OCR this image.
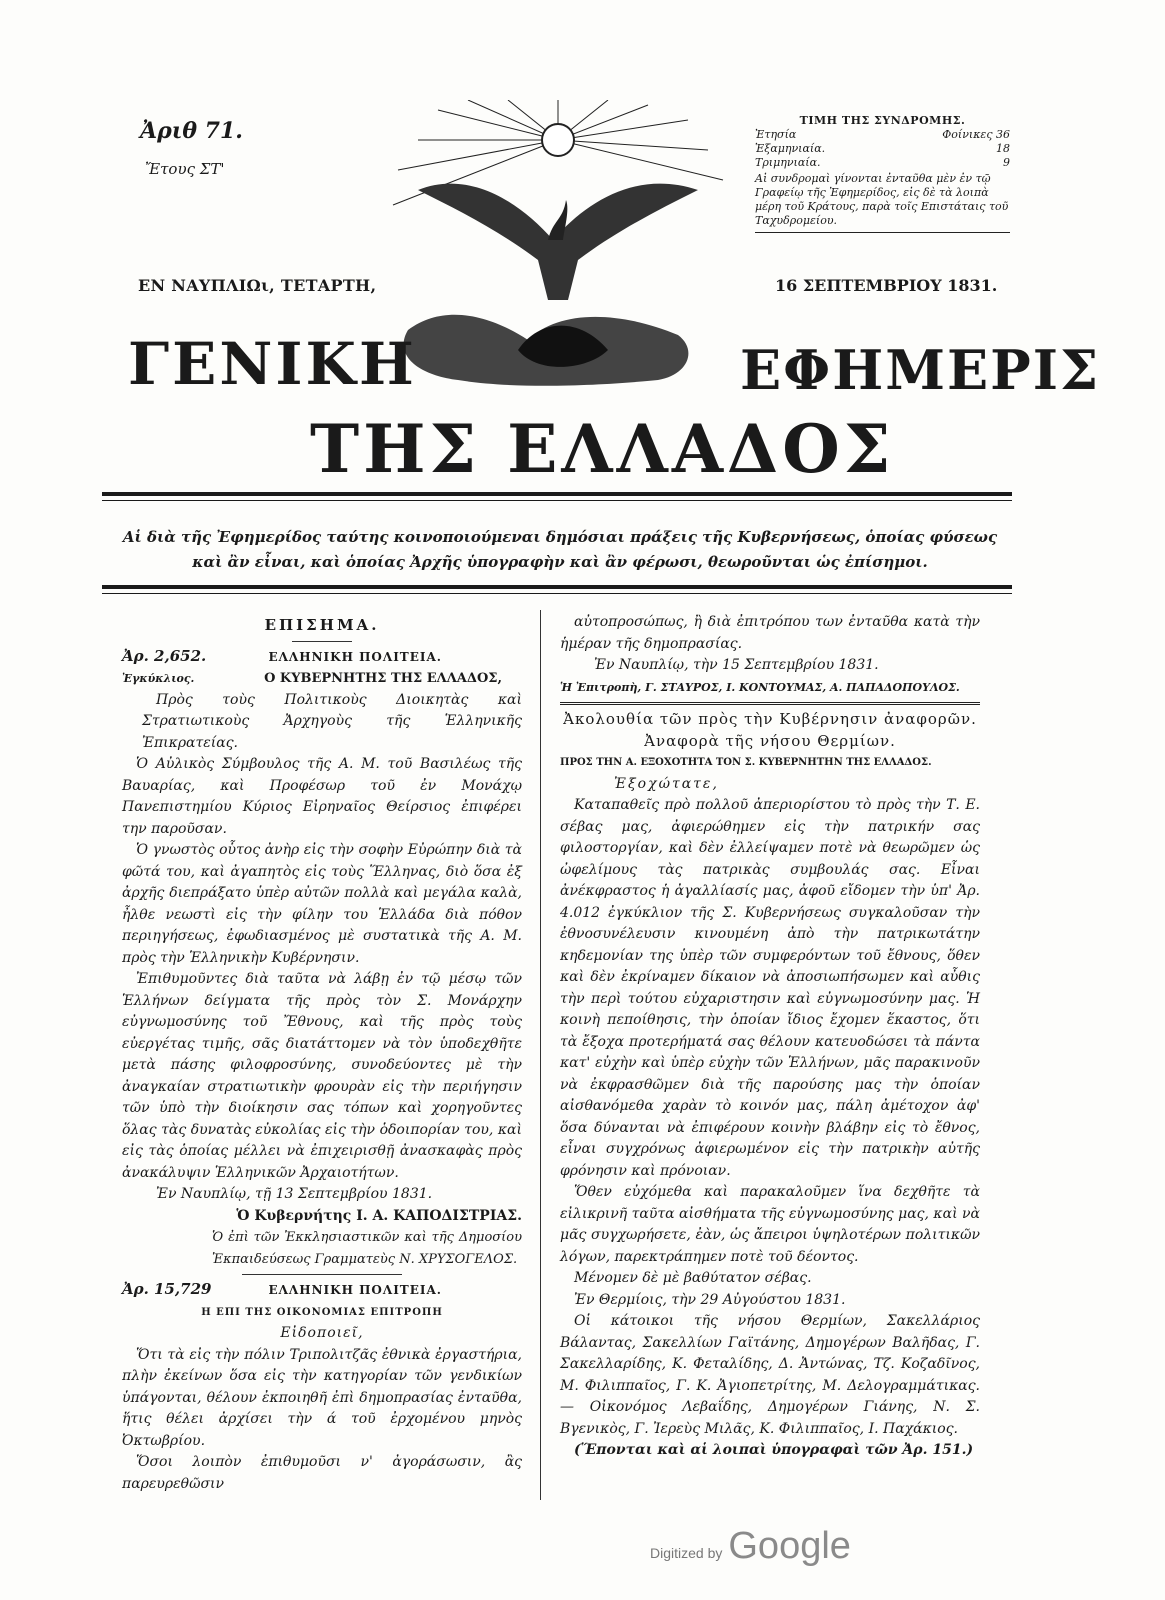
Ἀριθ 71.
Ἔτους ΣΤ'
ΤΙΜΗ ΤΗΣ ΣΥΝΔΡΟΜΗΣ.
Ἐτησία	Φοίνικες 36
Ἑξαμηνιαία.	18
Τριμηνιαία.	9
Αἱ συνδρομαὶ γίνονται ἐνταῦθα μὲν ἐν τῷ Γραφείῳ τῆς Ἐφημερίδος, εἰς δὲ τὰ λοιπὰ μέρη τοῦ Κράτους, παρὰ τοῖς Επιστάταις τοῦ Ταχυδρομείου.
ΕΝ ΝΑΥΠΛΙΩι, ΤΕΤΑΡΤΗ,	16 ΣΕΠΤΕΜΒΡΙΟΥ 1831.
ΓΕΝΙΚΗ	ΕΦΗΜΕΡΙΣ
ΤΗΣ ΕΛΛΑΔΟΣ
Αἱ διὰ τῆς Ἐφημερίδος ταύτης κοινοποιούμεναι δημόσιαι πράξεις τῆς Κυβερνήσεως, ὁποίας φύσεως καὶ ἂν εἶναι, καὶ ὁποίας Ἀρχῆς ὑπογραφὴν καὶ ἂν φέρωσι, θεωροῦνται ὡς ἐπίσημοι.
ΕΠΙΣΗΜΑ.
Ἀρ. 2,652.	ΕΛΛΗΝΙΚΗ ΠΟΛΙΤΕΙΑ.
Ἐγκύκλιος.	Ο ΚΥΒΕΡΝΗΤΗΣ ΤΗΣ ΕΛΛΑΔΟΣ,

Πρὸς τοὺς Πολιτικοὺς Διοικητὰς καὶ Στρατιωτικοὺς Ἀρχηγοὺς τῆς Ἑλληνικῆς Ἐπικρατείας.

Ὁ Αὐλικὸς Σύμβουλος τῆς Α. Μ. τοῦ Βασιλέως τῆς Βαυαρίας, καὶ Προφέσωρ τοῦ ἐν Μονάχῳ Πανεπιστημίου Κύριος Εἰρηναῖος Θείρσιος ἐπιφέρει την παροῦσαν.

Ὁ γνωστὸς οὗτος ἀνὴρ εἰς τὴν σοφὴν Εὐρώπην διὰ τὰ φῶτά του, καὶ ἀγαπητὸς εἰς τοὺς Ἕλληνας, διὸ ὅσα ἐξ ἀρχῆς διεπράξατο ὑπὲρ αὐτῶν πολλὰ καὶ μεγάλα καλὰ, ἦλθε νεωστὶ εἰς τὴν φίλην του Ἑλλάδα διὰ πόθον περιηγήσεως, ἐφωδιασμένος μὲ συστατικὰ τῆς Α. Μ. πρὸς τὴν Ἑλληνικὴν Κυβέρνησιν.

Ἐπιθυμοῦντες διὰ ταῦτα νὰ λάβῃ ἐν τῷ μέσῳ τῶν Ἑλλήνων δείγματα τῆς πρὸς τὸν Σ. Μονάρχην εὐγνωμοσύνης τοῦ Ἔθνους, καὶ τῆς πρὸς τοὺς εὐεργέτας τιμῆς, σᾶς διατάττομεν νὰ τὸν ὑποδεχθῆτε μετὰ πάσης φιλοφροσύνης, συνοδεύοντες μὲ τὴν ἀναγκαίαν στρατιωτικὴν φρουρὰν εἰς τὴν περιήγησιν τῶν ὑπὸ τὴν διοίκησιν σας τόπων καὶ χορηγοῦντες ὅλας τὰς δυνατὰς εὐκολίας εἰς τὴν ὁδοιπορίαν του, καὶ εἰς τὰς ὁποίας μέλλει νὰ ἐπιχειρισθῇ ἀνασκαφὰς πρὸς ἀνακάλυψιν Ἑλληνικῶν Ἀρχαιοτήτων.

Ἐν Ναυπλίῳ, τῇ 13 Σεπτεμβρίου 1831.

Ὁ Κυβερνήτης Ι. Α. ΚΑΠΟΔΙΣΤΡΙΑΣ.

Ὁ ἐπὶ τῶν Ἐκκλησιαστικῶν καὶ τῆς Δημοσίου Ἐκπαιδεύσεως Γραμματεὺς Ν. ΧΡΥΣΟΓΕΛΟΣ.

Ἀρ. 15,729	ΕΛΛΗΝΙΚΗ ΠΟΛΙΤΕΙΑ.
Η ΕΠΙ ΤΗΣ ΟΙΚΟΝΟΜΙΑΣ ΕΠΙΤΡΟΠΗ
Εἰδοποιεῖ,

Ὅτι τὰ εἰς τὴν πόλιν Τριπολιτζᾶς ἐθνικὰ ἐργαστήρια, πλὴν ἐκείνων ὅσα εἰς τὴν κατηγορίαν τῶν γενδικίων ὑπάγονται, θέλουν ἐκποιηθῆ ἐπὶ δημοπρασίας ἐνταῦθα, ἥτις θέλει ἀρχίσει τὴν ά τοῦ ἐρχομένου μηνὸς Ὀκτωβρίου.

Ὅσοι λοιπὸν ἐπιθυμοῦσι ν' ἀγοράσωσιν, ἂς παρευρεθῶσιν

αὐτοπροσώπως, ἢ διὰ ἐπιτρόπου των ἐνταῦθα κατὰ τὴν ἡμέραν τῆς δημοπρασίας.

Ἐν Ναυπλίῳ, τὴν 15 Σεπτεμβρίου 1831.

Ἡ Ἐπιτροπὴ, Γ. ΣΤΑΥΡΟΣ, Ι. ΚΟΝΤΟΥΜΑΣ, Α. ΠΑΠΑΔΟΠΟΥΛΟΣ.

Ἀκολουθία τῶν πρὸς τὴν Κυβέρνησιν ἀναφορῶν.

Ἀναφορὰ τῆς νήσου Θερμίων.

ΠΡΟΣ ΤΗΝ Α. ΕΞΟΧΟΤΗΤΑ ΤΟΝ Σ. ΚΥΒΕΡΝΗΤΗΝ ΤΗΣ ΕΛΛΑΔΟΣ.

Ἐξοχώτατε,

Καταπαθεῖς πρὸ πολλοῦ ἀπεριορίστου τὸ πρὸς τὴν Τ. Ε. σέβας μας, ἀφιερώθημεν εἰς τὴν πατρικήν σας φιλοστοργίαν, καὶ δὲν ἐλλείψαμεν ποτὲ νὰ θεωρῶμεν ὡς ὠφελίμους τὰς πατρικὰς συμβουλάς σας. Εἶναι ἀνέκφραστος ἡ ἀγαλλίασίς μας, ἀφοῦ εἴδομεν τὴν ὑπ' Ἀρ. 4.012 ἐγκύκλιον τῆς Σ. Κυβερνήσεως συγκαλοῦσαν τὴν ἐθνοσυνέλευσιν κινουμένη ἀπὸ τὴν πατρικωτάτην κηδεμονίαν της ὑπὲρ τῶν συμφερόντων τοῦ ἔθνους, ὅθεν καὶ δὲν ἐκρίναμεν δίκαιον νὰ ἀποσιωπήσωμεν καὶ αὖθις τὴν περὶ τούτου εὐχαριστησιν καὶ εὐγνωμοσύνην μας. Ἡ κοινὴ πεποίθησις, τὴν ὁποίαν ἴδιος ἔχομεν ἕκαστος, ὅτι τὰ ἔξοχα προτερήματά σας θέλουν κατευοδώσει τὰ πάντα κατ' εὐχὴν καὶ ὑπὲρ εὐχὴν τῶν Ἑλλήνων, μᾶς παρακινοῦν νὰ ἐκφρασθῶμεν διὰ τῆς παρούσης μας τὴν ὁποίαν αἰσθανόμεθα χαρὰν τὸ κοινόν μας, πάλη ἀμέτοχον ἀφ' ὅσα δύνανται νὰ ἐπιφέρουν κοινὴν βλάβην εἰς τὸ ἔθνος, εἶναι συγχρόνως ἀφιερωμένον εἰς τὴν πατρικὴν αὐτῆς φρόνησιν καὶ πρόνοιαν.

Ὅθεν εὐχόμεθα καὶ παρακαλοῦμεν ἵνα δεχθῆτε τὰ εἰλικρινῆ ταῦτα αἰσθήματα τῆς εὐγνωμοσύνης μας, καὶ νὰ μᾶς συγχωρήσετε, ἐὰν, ὡς ἄπειροι ὑψηλοτέρων πολιτικῶν λόγων, παρεκτράπημεν ποτὲ τοῦ δέοντος.

Μένομεν δὲ μὲ βαθύτατον σέβας.

Ἐν Θερμίοις, τὴν 29 Αὐγούστου 1831.

Οἱ κάτοικοι τῆς νήσου Θερμίων, Σακελλάριος Βάλαντας, Σακελλίων Γαϊτάνης, Δημογέρων Βαλῆδας, Γ. Σακελλαρίδης, Κ. Φεταλίδης, Δ. Ἀντώνας, Τζ. Κοζαδῖνος, Μ. Φιλιππαῖος, Γ. Κ. Ἀγιοπετρίτης, Μ. Δελογραμμάτικας. — Οἰκονόμος Λεβαΐδης, Δημογέρων Γιάνης, Ν. Σ. Βγενικὸς, Γ. Ἰερεὺς Μιλᾶς, Κ. Φιλιππαῖος, Ι. Παχάκιος.

(Ἕπονται καὶ αἱ λοιπαὶ ὑπογραφαὶ τῶν Ἀρ. 151.)

Digitized by Google
